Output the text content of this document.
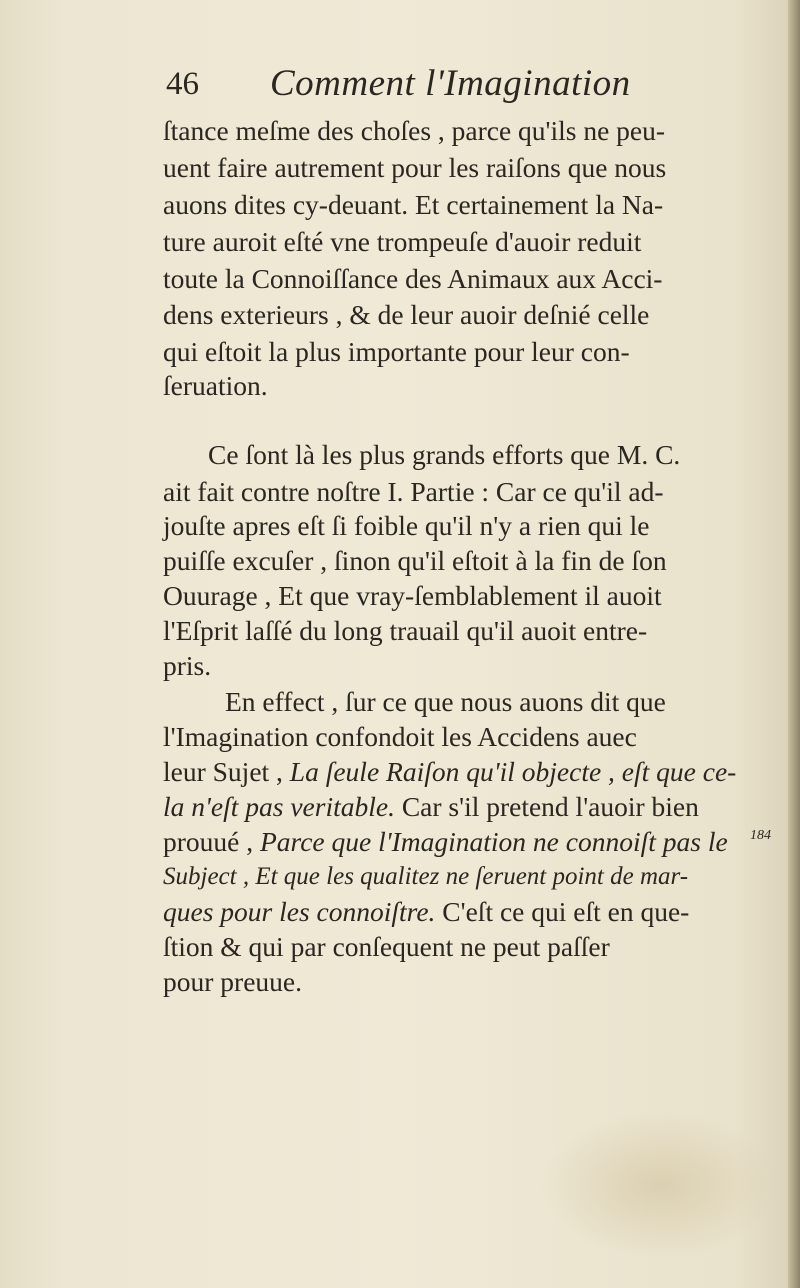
46 Comment l'Imagination
ſtance meſme des choſes , parce qu'ils ne peu-
uent faire autrement pour les raiſons que nous
auons dites cy-deuant. Et certainement la Na-
ture auroit eſté vne trompeuſe d'auoir reduit
toute la Connoiſſance des Animaux aux Acci-
dens exterieurs , & de leur auoir deſnié celle
qui eſtoit la plus importante pour leur con-
ſeruation.
Ce ſont là les plus grands efforts que M. C.
ait fait contre noſtre I. Partie : Car ce qu'il ad-
jouſte apres eſt ſi foible qu'il n'y a rien qui le
puiſſe excuſer , ſinon qu'il eſtoit à la fin de ſon
Ouurage , Et que vray-ſemblablement il auoit
l'Eſprit laſſé du long trauail qu'il auoit entre-
pris.
En effect , ſur ce que nous auons dit que
l'Imagination confondoit les Accidens auec
leur Sujet , La ſeule Raiſon qu'il objecte , eſt que ce-
la n'eſt pas veritable. Car s'il pretend l'auoir bien
prouué , Parce que l'Imagination ne connoiſt pas le
Subject , Et que les qualitez ne ſeruent point de mar-
ques pour les connoiſtre. C'eſt ce qui eſt en que-
ſtion & qui par conſequent ne peut paſſer
pour preuue.
184
